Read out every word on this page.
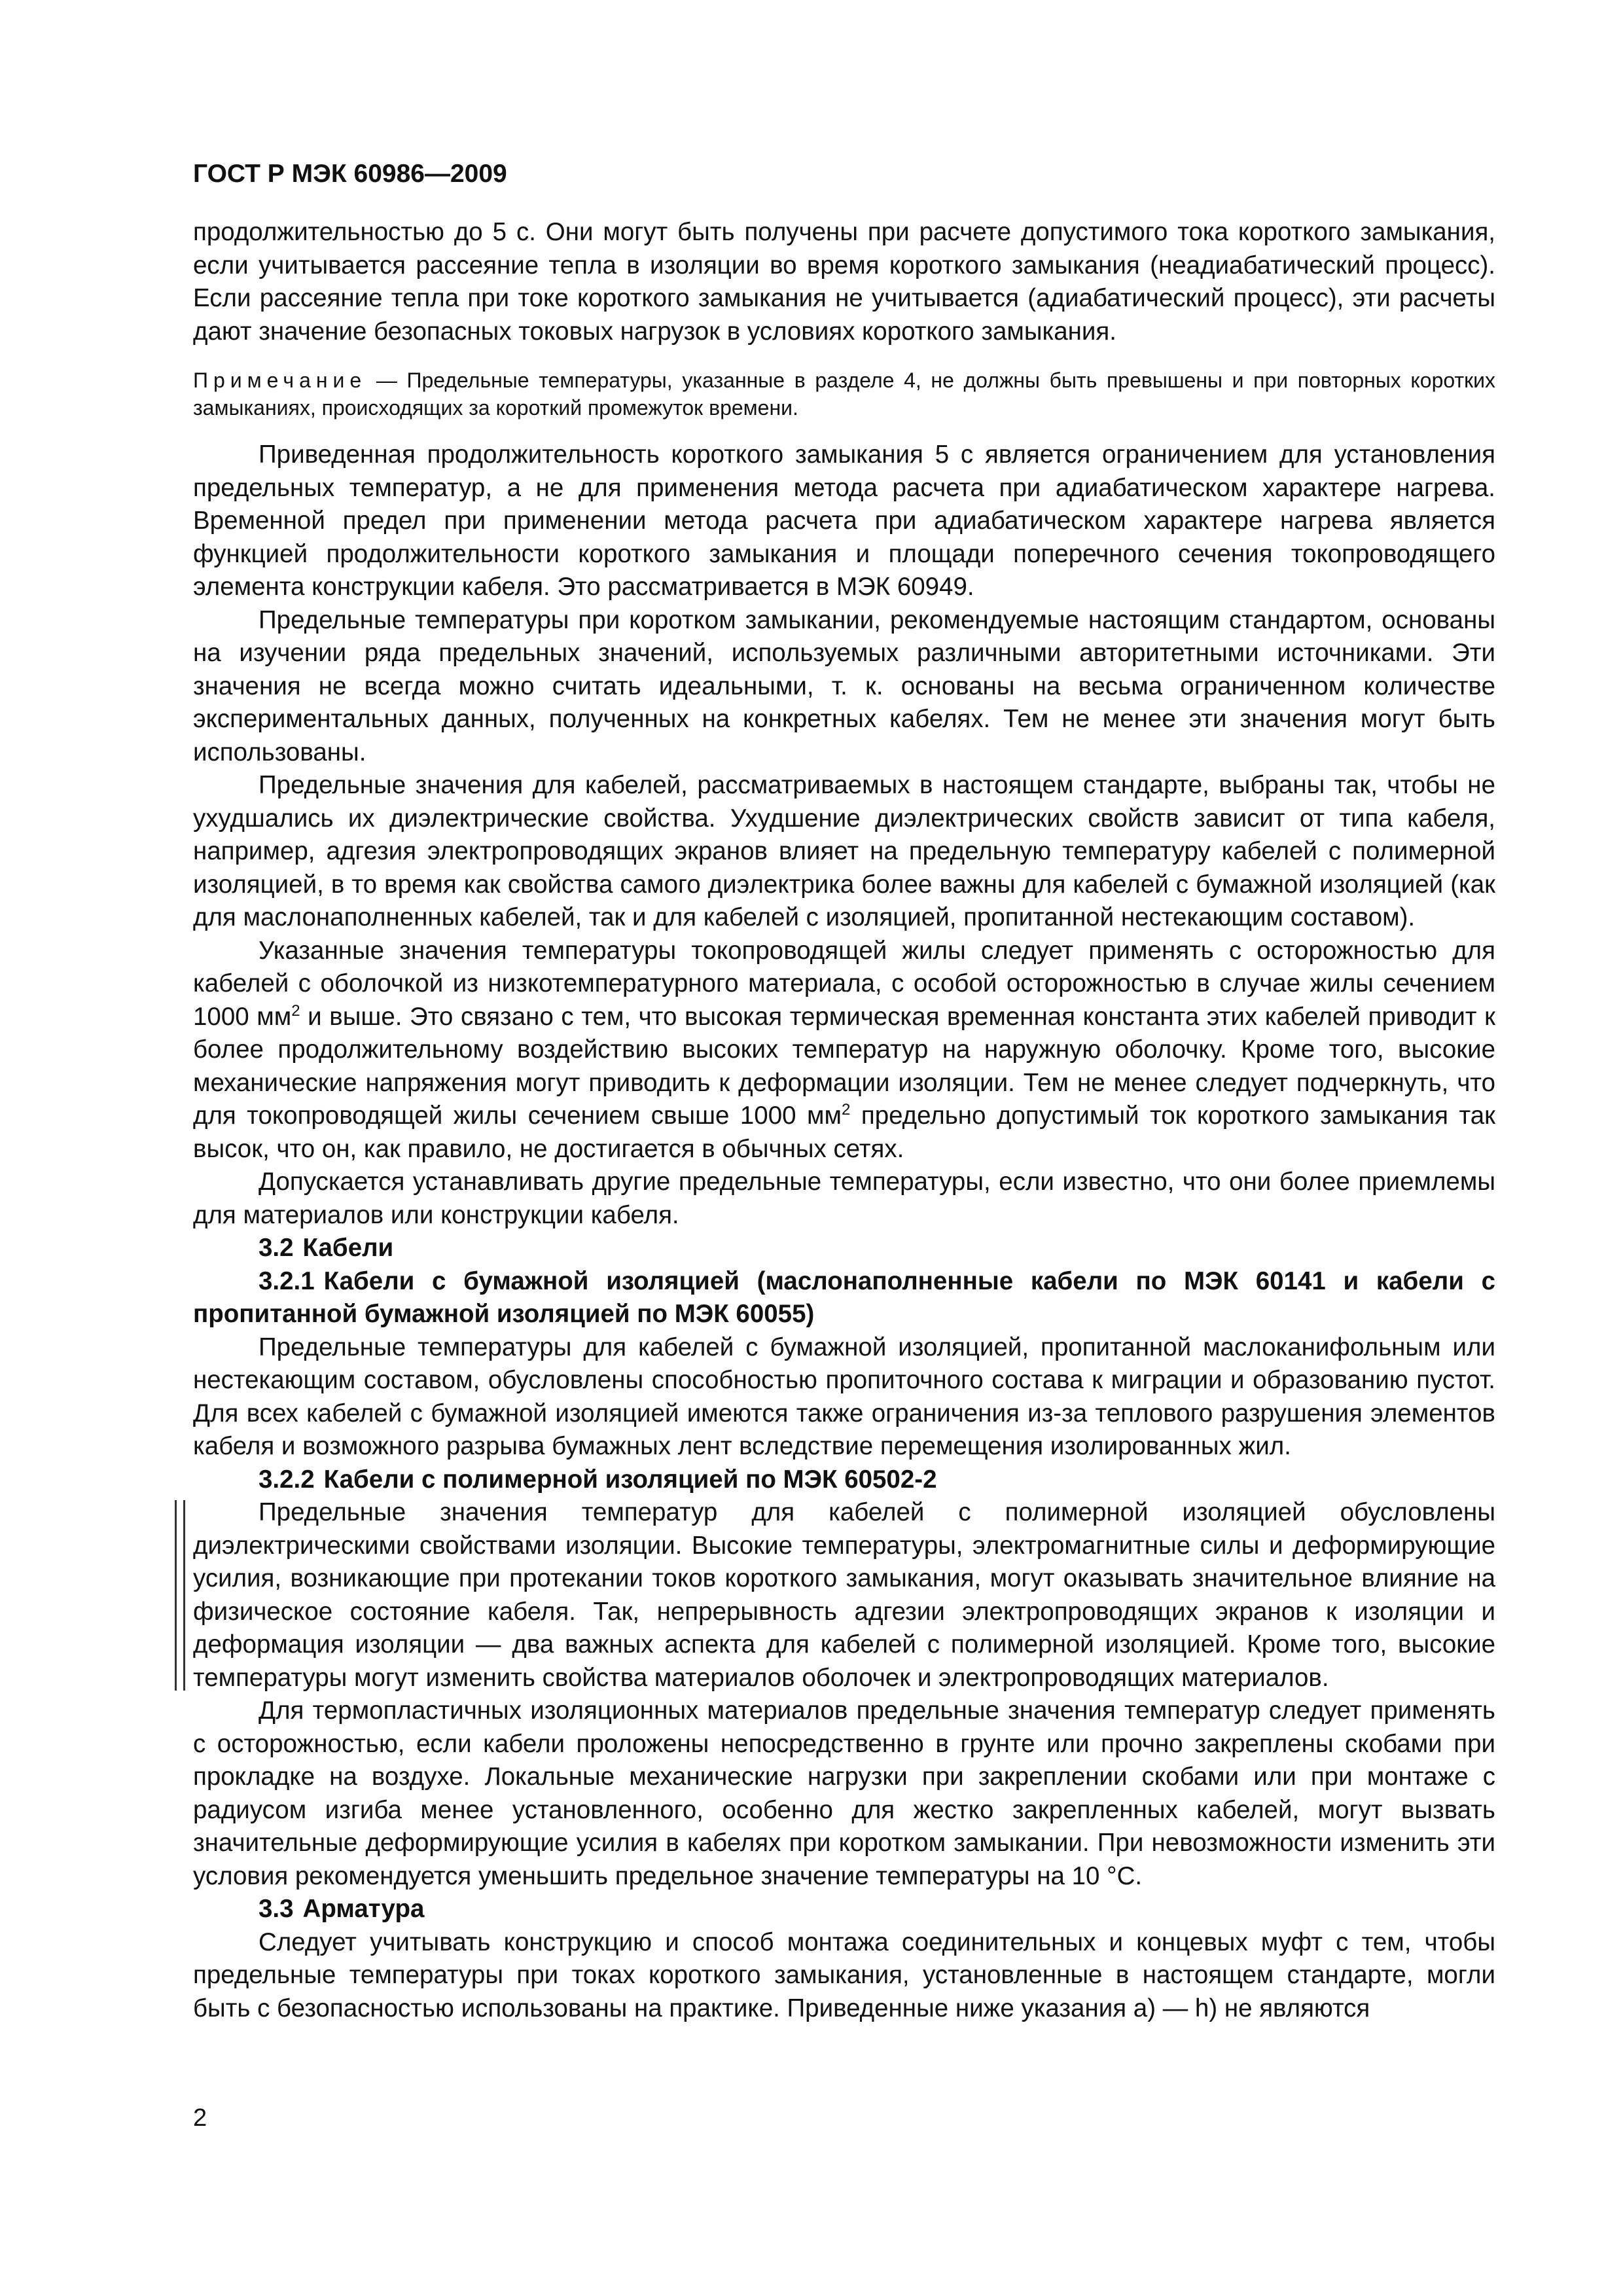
ГОСТ Р МЭК 60986—2009

продолжительностью до 5 с. Они могут быть получены при расчете допустимого тока короткого замыкания, если учитывается рассеяние тепла в изоляции во время короткого замыкания (неадиабатический процесс). Если рассеяние тепла при токе короткого замыкания не учитывается (адиабатический процесс), эти расчеты дают значение безопасных токовых нагрузок в условиях короткого замыкания.

Примечание — Предельные температуры, указанные в разделе 4, не должны быть превышены и при повторных коротких замыканиях, происходящих за короткий промежуток времени.

Приведенная продолжительность короткого замыкания 5 с является ограничением для установления предельных температур, а не для применения метода расчета при адиабатическом характере нагрева. Временной предел при применении метода расчета при адиабатическом характере нагрева является функцией продолжительности короткого замыкания и площади поперечного сечения токопроводящего элемента конструкции кабеля. Это рассматривается в МЭК 60949.

Предельные температуры при коротком замыкании, рекомендуемые настоящим стандартом, основаны на изучении ряда предельных значений, используемых различными авторитетными источниками. Эти значения не всегда можно считать идеальными, т. к. основаны на весьма ограниченном количестве экспериментальных данных, полученных на конкретных кабелях. Тем не менее эти значения могут быть использованы.

Предельные значения для кабелей, рассматриваемых в настоящем стандарте, выбраны так, чтобы не ухудшались их диэлектрические свойства. Ухудшение диэлектрических свойств зависит от типа кабеля, например, адгезия электропроводящих экранов влияет на предельную температуру кабелей с полимерной изоляцией, в то время как свойства самого диэлектрика более важны для кабелей с бумажной изоляцией (как для маслонаполненных кабелей, так и для кабелей с изоляцией, пропитанной нестекающим составом).

Указанные значения температуры токопроводящей жилы следует применять с осторожностью для кабелей с оболочкой из низкотемпературного материала, с особой осторожностью в случае жилы сечением 1000 $мм^2$ и выше. Это связано с тем, что высокая термическая временная константа этих кабелей приводит к более продолжительному воздействию высоких температур на наружную оболочку. Кроме того, высокие механические напряжения могут приводить к деформации изоляции. Тем не менее следует подчеркнуть, что для токопроводящей жилы сечением свыше 1000 $мм^2$ предельно допустимый ток короткого замыкания так высок, что он, как правило, не достигается в обычных сетях.

Допускается устанавливать другие предельные температуры, если известно, что они более приемлемы для материалов или конструкции кабеля.

3.2 Кабели
3.2.1 Кабели с бумажной изоляцией (маслонаполненные кабели по МЭК 60141 и кабели с пропитанной бумажной изоляцией по МЭК 60055)

Предельные температуры для кабелей с бумажной изоляцией, пропитанной маслоканифольным или нестекающим составом, обусловлены способностью пропиточного состава к миграции и образованию пустот. Для всех кабелей с бумажной изоляцией имеются также ограничения из-за теплового разрушения элементов кабеля и возможного разрыва бумажных лент вследствие перемещения изолированных жил.

3.2.2 Кабели с полимерной изоляцией по МЭК 60502-2

Предельные значения температур для кабелей с полимерной изоляцией обусловлены диэлектрическими свойствами изоляции. Высокие температуры, электромагнитные силы и деформирующие усилия, возникающие при протекании токов короткого замыкания, могут оказывать значительное влияние на физическое состояние кабеля. Так, непрерывность адгезии электропроводящих экранов к изоляции и деформация изоляции — два важных аспекта для кабелей с полимерной изоляцией. Кроме того, высокие температуры могут изменить свойства материалов оболочек и электропроводящих материалов.

Для термопластичных изоляционных материалов предельные значения температур следует применять с осторожностью, если кабели проложены непосредственно в грунте или прочно закреплены скобами при прокладке на воздухе. Локальные механические нагрузки при закреплении скобами или при монтаже с радиусом изгиба менее установленного, особенно для жестко закрепленных кабелей, могут вызвать значительные деформирующие усилия в кабелях при коротком замыкании. При невозможности изменить эти условия рекомендуется уменьшить предельное значение температуры на 10 °С.

3.3 Арматура

Следует учитывать конструкцию и способ монтажа соединительных и концевых муфт с тем, чтобы предельные температуры при токах короткого замыкания, установленные в настоящем стандарте, могли быть с безопасностью использованы на практике. Приведенные ниже указания а) — h) не являются

2
